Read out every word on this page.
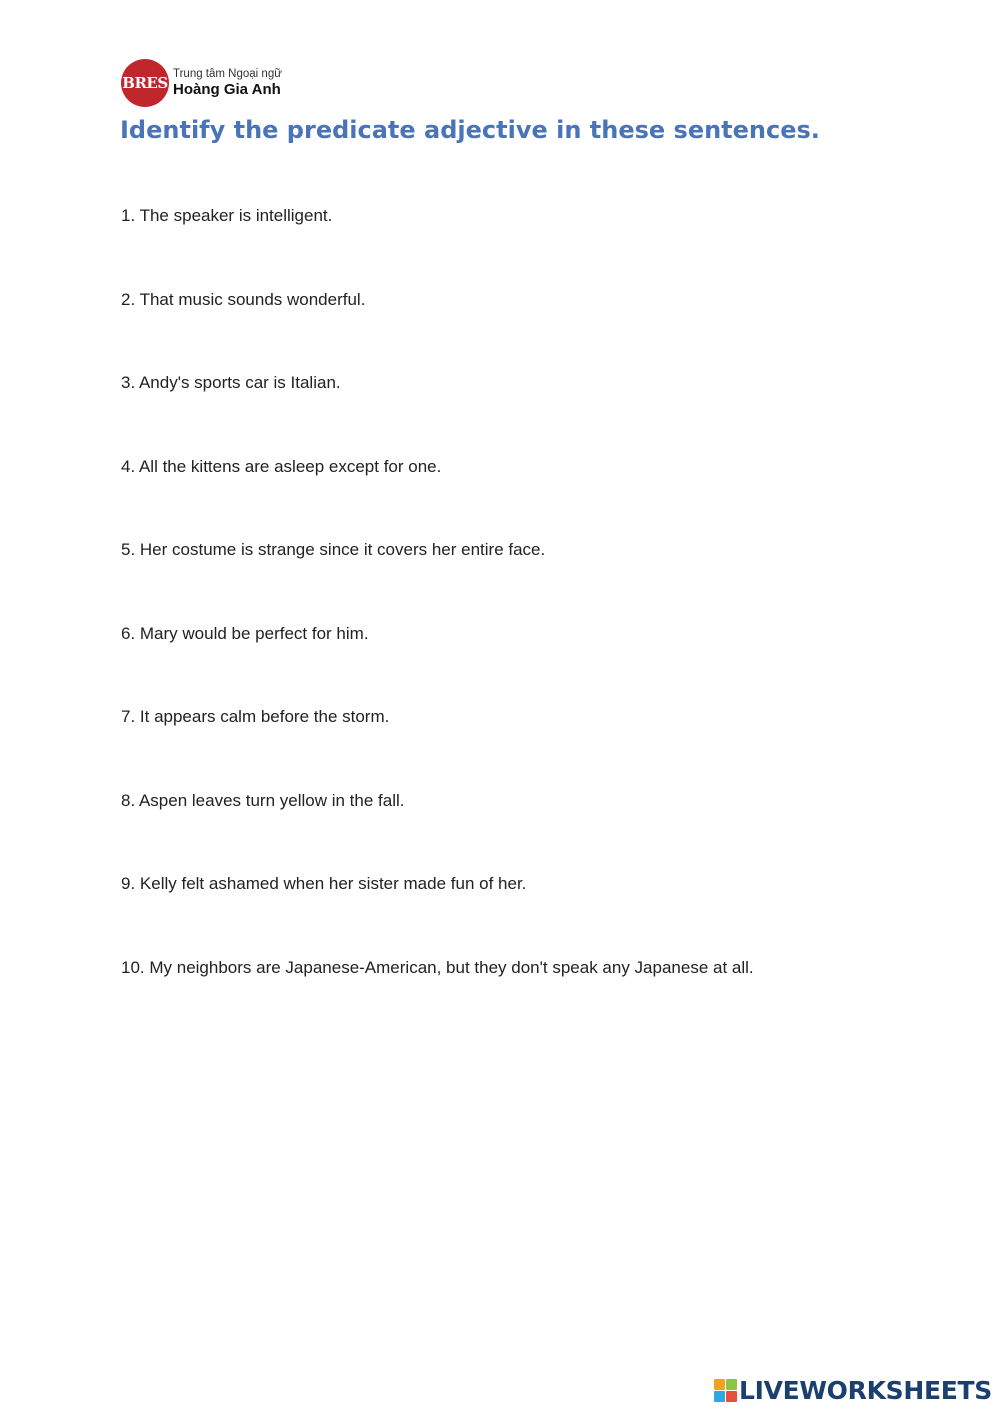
BRES
Trung tâm Ngoại ngữ
Hoàng Gia Anh
Identify the predicate adjective in these sentences.
1. The speaker is intelligent.
2. That music sounds wonderful.
3. Andy's sports car is Italian.
4. All the kittens are asleep except for one.
5. Her costume is strange since it covers her entire face.
6. Mary would be perfect for him.
7. It appears calm before the storm.
8. Aspen leaves turn yellow in the fall.
9. Kelly felt ashamed when her sister made fun of her.
10. My neighbors are Japanese-American, but they don't speak any Japanese at all.
LIVEWORKSHEETS
